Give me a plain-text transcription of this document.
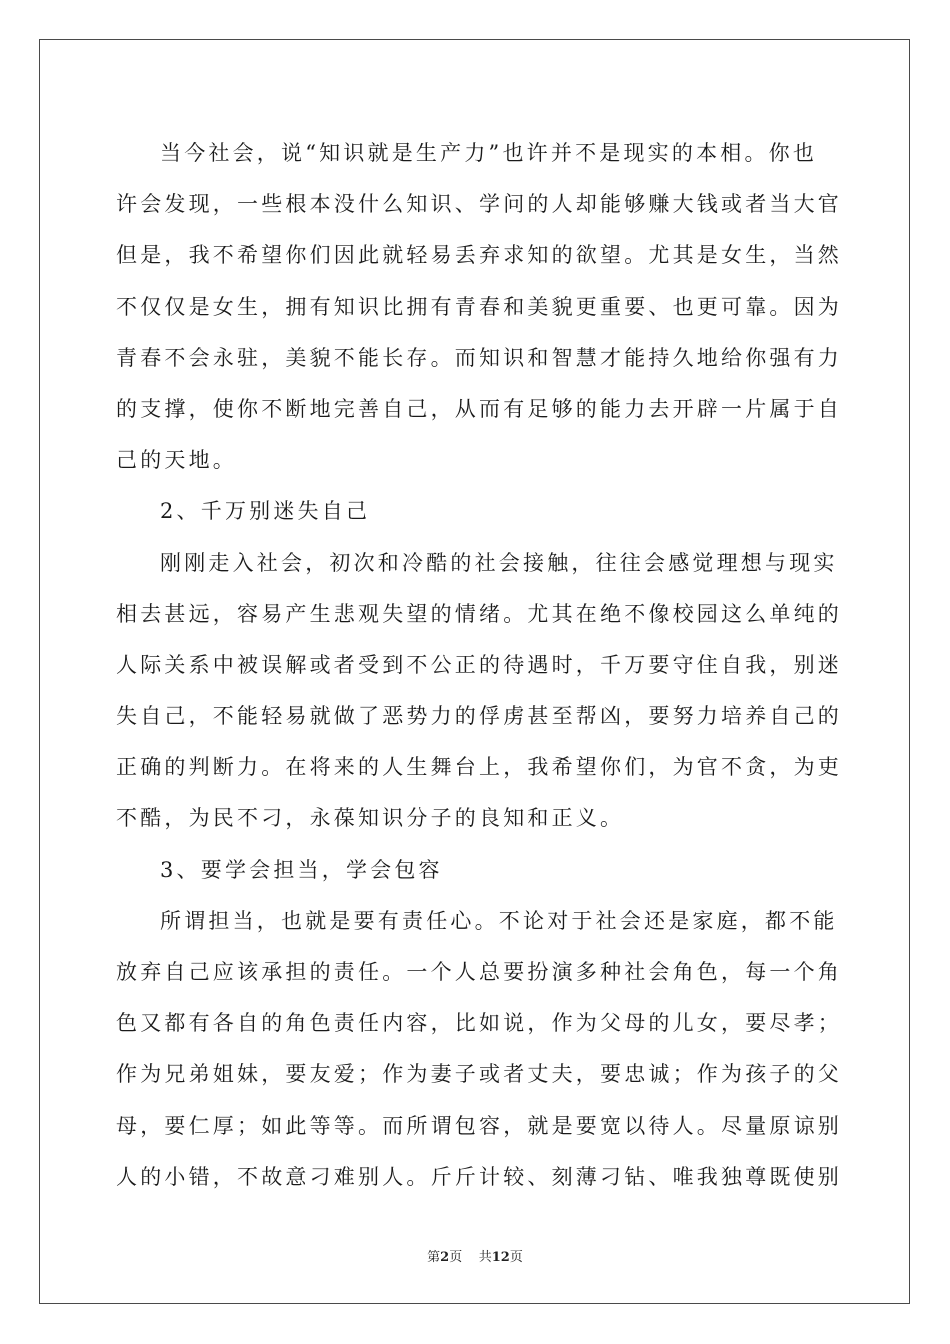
当今社会，说“知识就是生产力”也许并不是现实的本相。你也
许会发现，一些根本没什么知识、学问的人却能够赚大钱或者当大官
但是，我不希望你们因此就轻易丢弃求知的欲望。尤其是女生，当然
不仅仅是女生，拥有知识比拥有青春和美貌更重要、也更可靠。因为
青春不会永驻，美貌不能长存。而知识和智慧才能持久地给你强有力
的支撑，使你不断地完善自己，从而有足够的能力去开辟一片属于自
己的天地。
2、千万别迷失自己
刚刚走入社会，初次和冷酷的社会接触，往往会感觉理想与现实
相去甚远，容易产生悲观失望的情绪。尤其在绝不像校园这么单纯的
人际关系中被误解或者受到不公正的待遇时，千万要守住自我，别迷
失自己，不能轻易就做了恶势力的俘虏甚至帮凶，要努力培养自己的
正确的判断力。在将来的人生舞台上，我希望你们，为官不贪，为吏
不酷，为民不刁，永葆知识分子的良知和正义。
3、要学会担当，学会包容
所谓担当，也就是要有责任心。不论对于社会还是家庭，都不能
放弃自己应该承担的责任。一个人总要扮演多种社会角色，每一个角
色又都有各自的角色责任内容，比如说，作为父母的儿女，要尽孝；
作为兄弟姐妹，要友爱；作为妻子或者丈夫，要忠诚；作为孩子的父
母，要仁厚；如此等等。而所谓包容，就是要宽以待人。尽量原谅别
人的小错，不故意刁难别人。斤斤计较、刻薄刁钻、唯我独尊既使别
第2页 共12页
